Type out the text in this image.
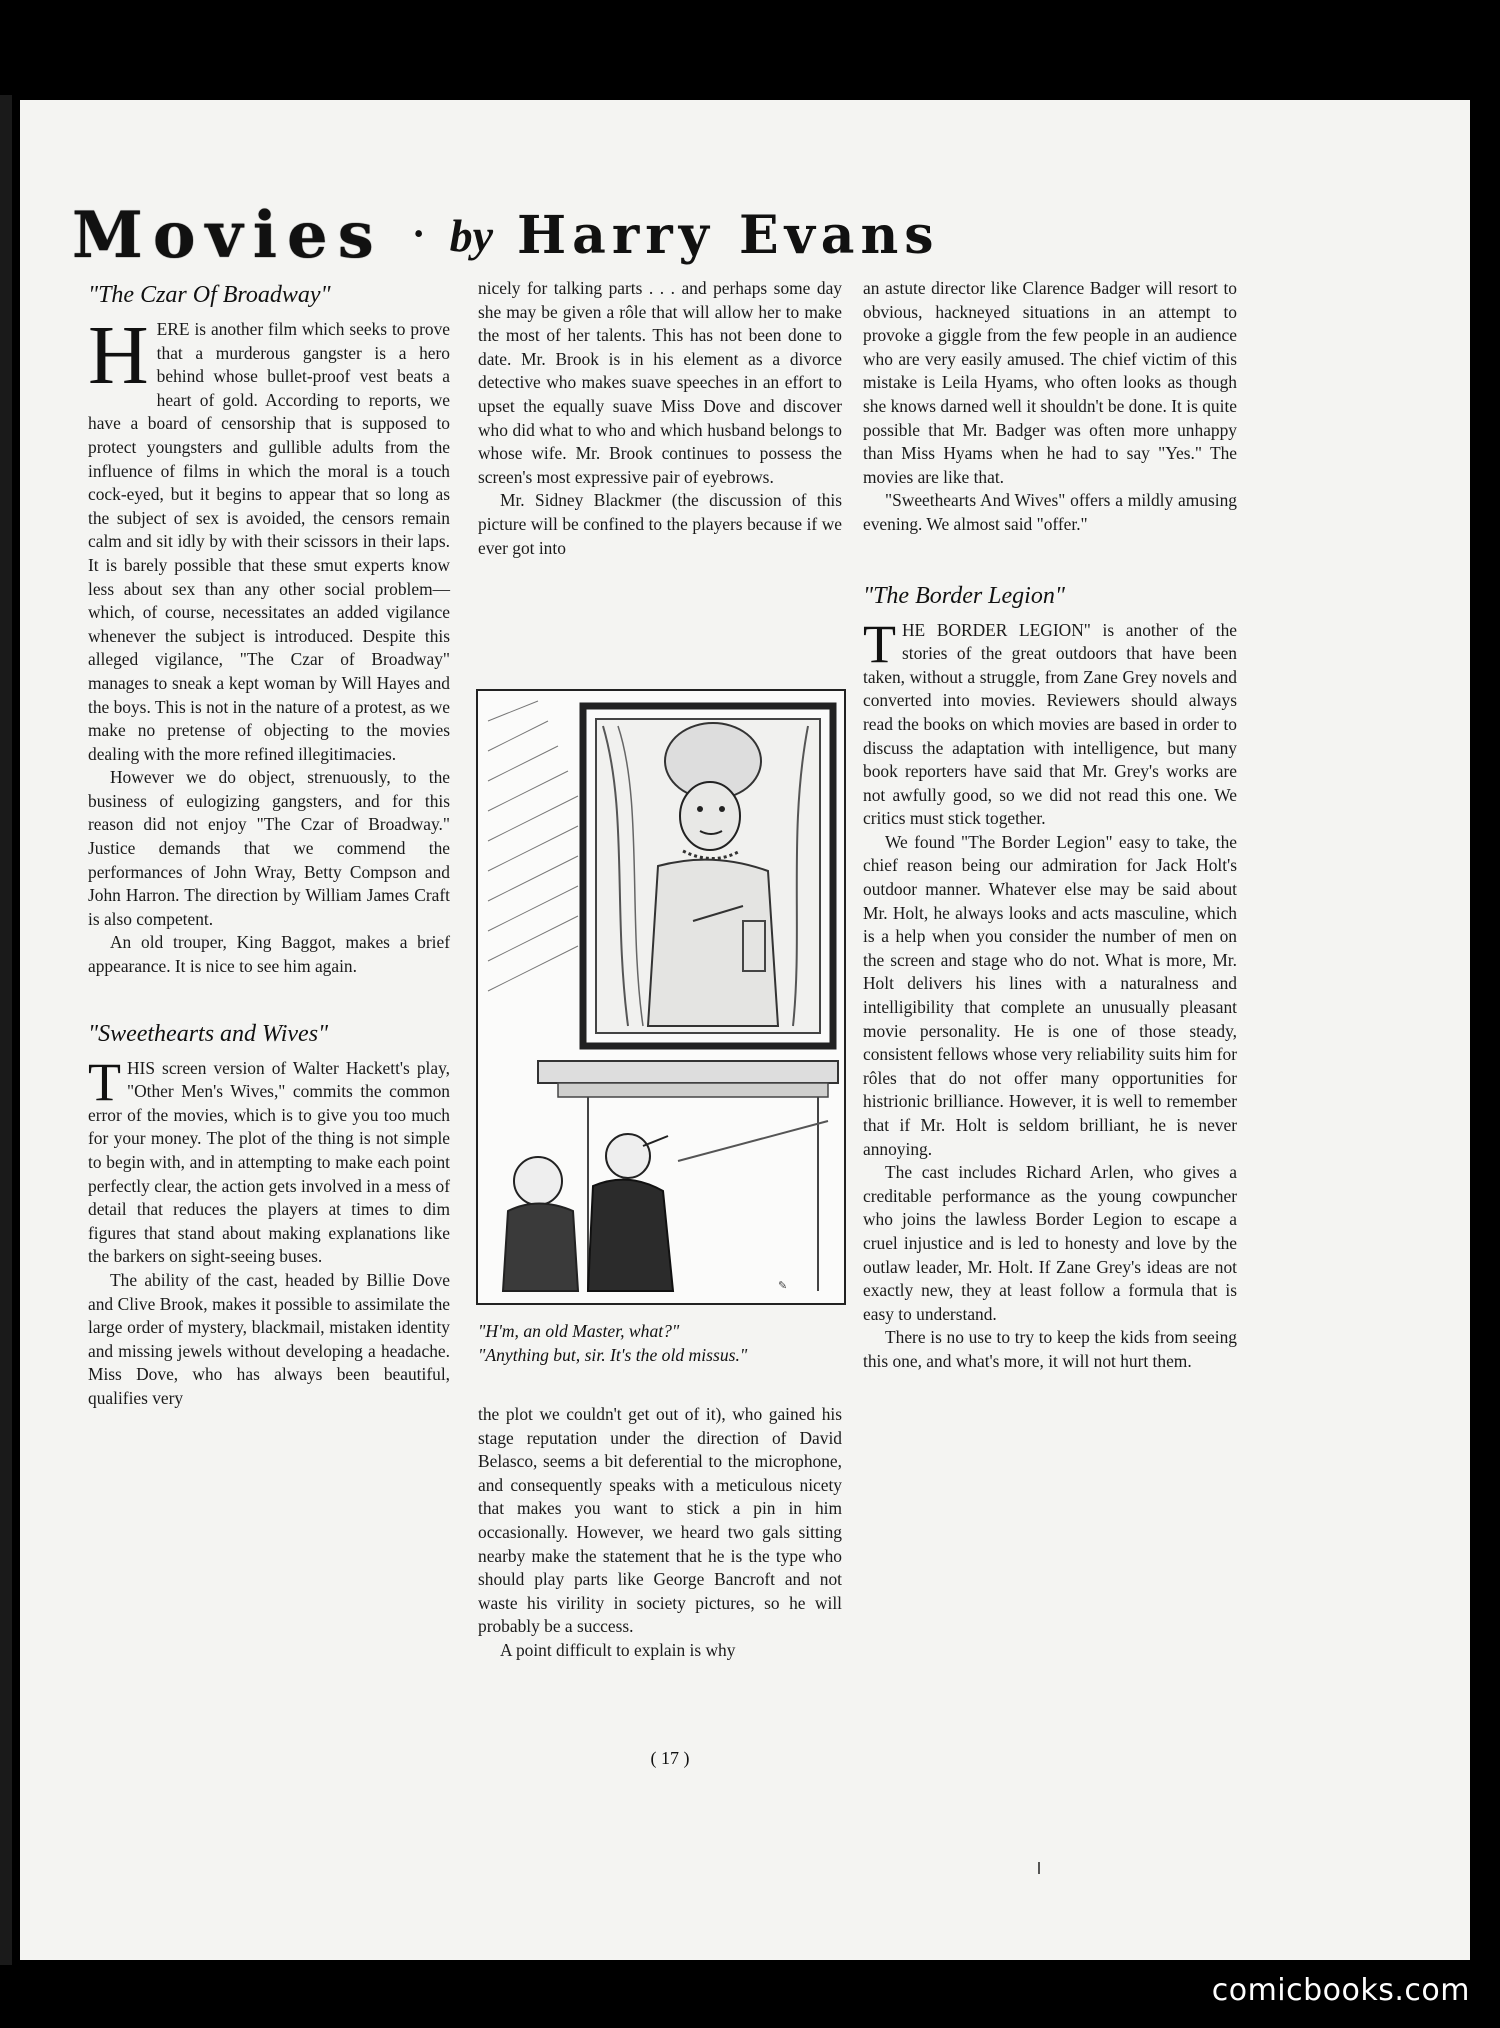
Movies • by Harry Evans
"The Czar Of Broadway"

HERE is another film which seeks to prove that a murderous gangster is a hero behind whose bullet-proof vest beats a heart of gold. According to reports, we have a board of censorship that is supposed to protect youngsters and gullible adults from the influence of films in which the moral is a touch cock-eyed, but it begins to appear that so long as the subject of sex is avoided, the censors remain calm and sit idly by with their scissors in their laps. It is barely possible that these smut experts know less about sex than any other social problem—which, of course, necessitates an added vigilance whenever the subject is introduced. Despite this alleged vigilance, "The Czar of Broadway" manages to sneak a kept woman by Will Hayes and the boys. This is not in the nature of a protest, as we make no pretense of objecting to the movies dealing with the more refined illegitimacies.

However we do object, strenuously, to the business of eulogizing gangsters, and for this reason did not enjoy "The Czar of Broadway." Justice demands that we commend the performances of John Wray, Betty Compson and John Harron. The direction by William James Craft is also competent.

An old trouper, King Baggot, makes a brief appearance. It is nice to see him again.

"Sweethearts and Wives"

THIS screen version of Walter Hackett's play, "Other Men's Wives," commits the common error of the movies, which is to give you too much for your money. The plot of the thing is not simple to begin with, and in attempting to make each point perfectly clear, the action gets involved in a mess of detail that reduces the players at times to dim figures that stand about making explanations like the barkers on sight-seeing buses.

The ability of the cast, headed by Billie Dove and Clive Brook, makes it possible to assimilate the large order of mystery, blackmail, mistaken identity and missing jewels without developing a headache. Miss Dove, who has always been beautiful, qualifies very

nicely for talking parts . . . and perhaps some day she may be given a rôle that will allow her to make the most of her talents. This has not been done to date. Mr. Brook is in his element as a divorce detective who makes suave speeches in an effort to upset the equally suave Miss Dove and discover who did what to who and which husband belongs to whose wife. Mr. Brook continues to possess the screen's most expressive pair of eyebrows.

Mr. Sidney Blackmer (the discussion of this picture will be confined to the players because if we ever got into

✎
"H'm, an old Master, what?"
"Anything but, sir. It's the old missus."

the plot we couldn't get out of it), who gained his stage reputation under the direction of David Belasco, seems a bit deferential to the microphone, and consequently speaks with a meticulous nicety that makes you want to stick a pin in him occasionally. However, we heard two gals sitting nearby make the statement that he is the type who should play parts like George Bancroft and not waste his virility in society pictures, so he will probably be a success.

A point difficult to explain is why

an astute director like Clarence Badger will resort to obvious, hackneyed situations in an attempt to provoke a giggle from the few people in an audience who are very easily amused. The chief victim of this mistake is Leila Hyams, who often looks as though she knows darned well it shouldn't be done. It is quite possible that Mr. Badger was often more unhappy than Miss Hyams when he had to say "Yes." The movies are like that.

"Sweethearts And Wives" offers a mildly amusing evening. We almost said "offer."

"The Border Legion"

THE BORDER LEGION" is another of the stories of the great outdoors that have been taken, without a struggle, from Zane Grey novels and converted into movies. Reviewers should always read the books on which movies are based in order to discuss the adaptation with intelligence, but many book reporters have said that Mr. Grey's works are not awfully good, so we did not read this one. We critics must stick together.

We found "The Border Legion" easy to take, the chief reason being our admiration for Jack Holt's outdoor manner. Whatever else may be said about Mr. Holt, he always looks and acts masculine, which is a help when you consider the number of men on the screen and stage who do not. What is more, Mr. Holt delivers his lines with a naturalness and intelligibility that complete an unusually pleasant movie personality. He is one of those steady, consistent fellows whose very reliability suits him for rôles that do not offer many opportunities for histrionic brilliance. However, it is well to remember that if Mr. Holt is seldom brilliant, he is never annoying.

The cast includes Richard Arlen, who gives a creditable performance as the young cowpuncher who joins the lawless Border Legion to escape a cruel injustice and is led to honesty and love by the outlaw leader, Mr. Holt. If Zane Grey's ideas are not exactly new, they at least follow a formula that is easy to understand.

There is no use to try to keep the kids from seeing this one, and what's more, it will not hurt them.

( 17 )
comicbooks.com
